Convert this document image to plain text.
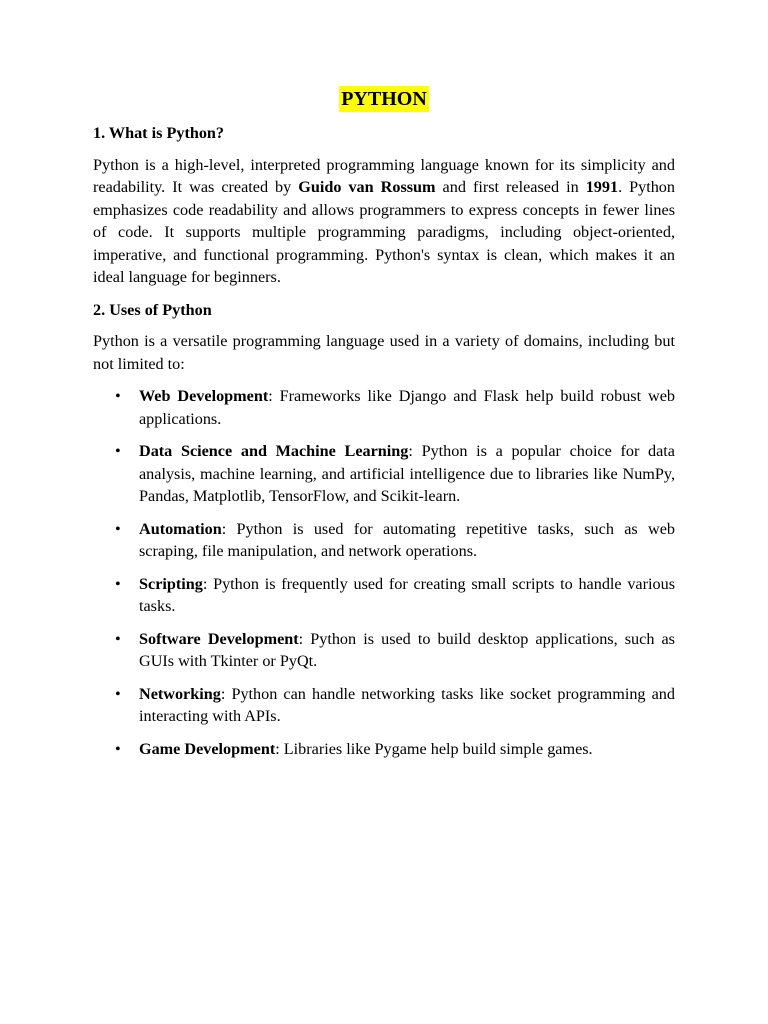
PYTHON
1. What is Python?

Python is a high-level, interpreted programming language known for its simplicity and readability. It was created by Guido van Rossum and first released in 1991. Python emphasizes code readability and allows programmers to express concepts in fewer lines of code. It supports multiple programming paradigms, including object-oriented, imperative, and functional programming. Python's syntax is clean, which makes it an ideal language for beginners.

2. Uses of Python

Python is a versatile programming language used in a variety of domains, including but not limited to:

• Web Development: Frameworks like Django and Flask help build robust web applications.
• Data Science and Machine Learning: Python is a popular choice for data analysis, machine learning, and artificial intelligence due to libraries like NumPy, Pandas, Matplotlib, TensorFlow, and Scikit-learn.
• Automation: Python is used for automating repetitive tasks, such as web scraping, file manipulation, and network operations.
• Scripting: Python is frequently used for creating small scripts to handle various tasks.
• Software Development: Python is used to build desktop applications, such as GUIs with Tkinter or PyQt.
• Networking: Python can handle networking tasks like socket programming and interacting with APIs.
• Game Development: Libraries like Pygame help build simple games.
